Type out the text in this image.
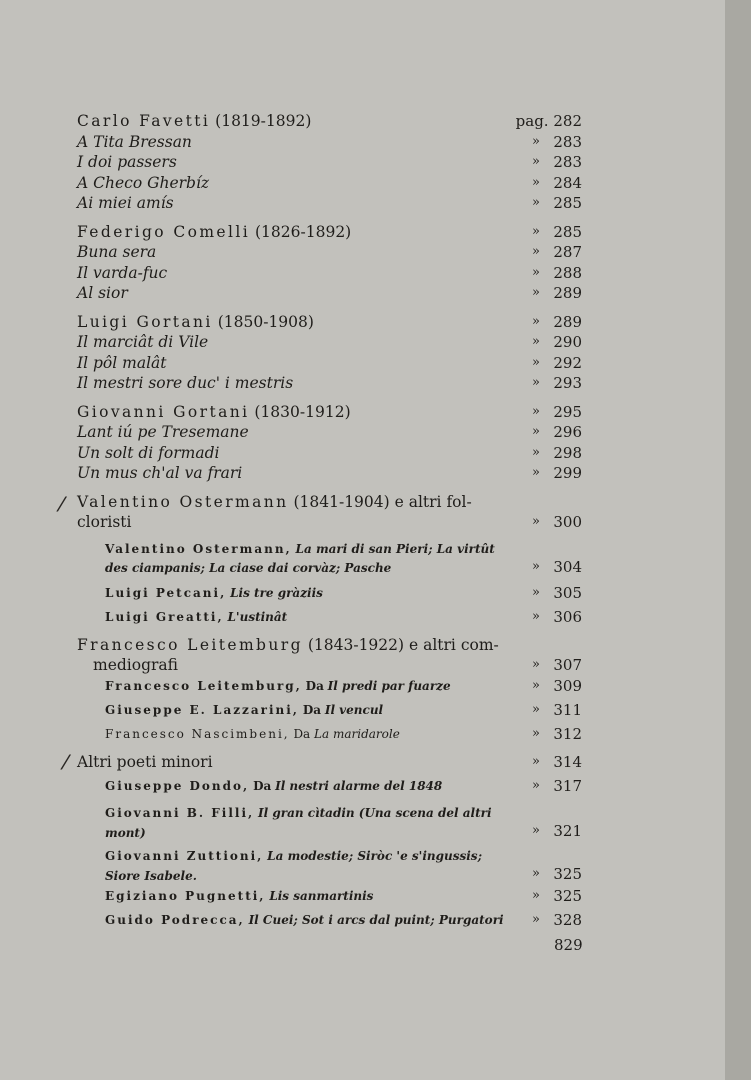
⁄
⁄
Carlo Favetti (1819-1892)	pag. 282
A Tita Bressan	» 283
I doi passers	» 283
A Checo Gherbíz	» 284
Ai miei amís	» 285
Federigo Comelli (1826-1892)	» 285
Buna sera	» 287
Il varda-fuc	» 288
Al sior	» 289
Luigi Gortani (1850-1908)	» 289
Il marciât di Vile	» 290
Il pôl malât	» 292
Il mestri sore duc' i mestris	» 293
Giovanni Gortani (1830-1912)	» 295
Lant iú pe Tresemane	» 296
Un solt di formadi	» 298
Un mus ch'al va frari	» 299
Valentino Ostermann (1841-1904) e altri fol-
cloristi	» 300
Valentino Ostermann, La mari di san Pieri; La virtût
des ciampanis; La ciase dai corvàz; Pasche	» 304
Luigi Petcani, Lis tre gràziis	» 305
Luigi Greatti, L'ustinât	» 306
Francesco Leitemburg (1843-1922) e altri com-
mediografi	» 307
Francesco Leitemburg, Da Il predi par fuarze	» 309
Giuseppe E. Lazzarini, Da Il vencul	» 311
Francesco Nascimbeni, Da La maridarole	» 312
Altri poeti minori	» 314
Giuseppe Dondo, Da Il nestri alarme del 1848	» 317
Giovanni B. Filli, Il gran cìtadin (Una scena del altri
mont)	» 321
Giovanni Zuttioni, La modestie; Siròc 'e s'ingussis;
Siore Isabele.	» 325
Egiziano Pugnetti, Lis sanmartinis	» 325
Guido Podrecca, Il Cuei; Sot i arcs dal puint; Purgatori » 328
829
